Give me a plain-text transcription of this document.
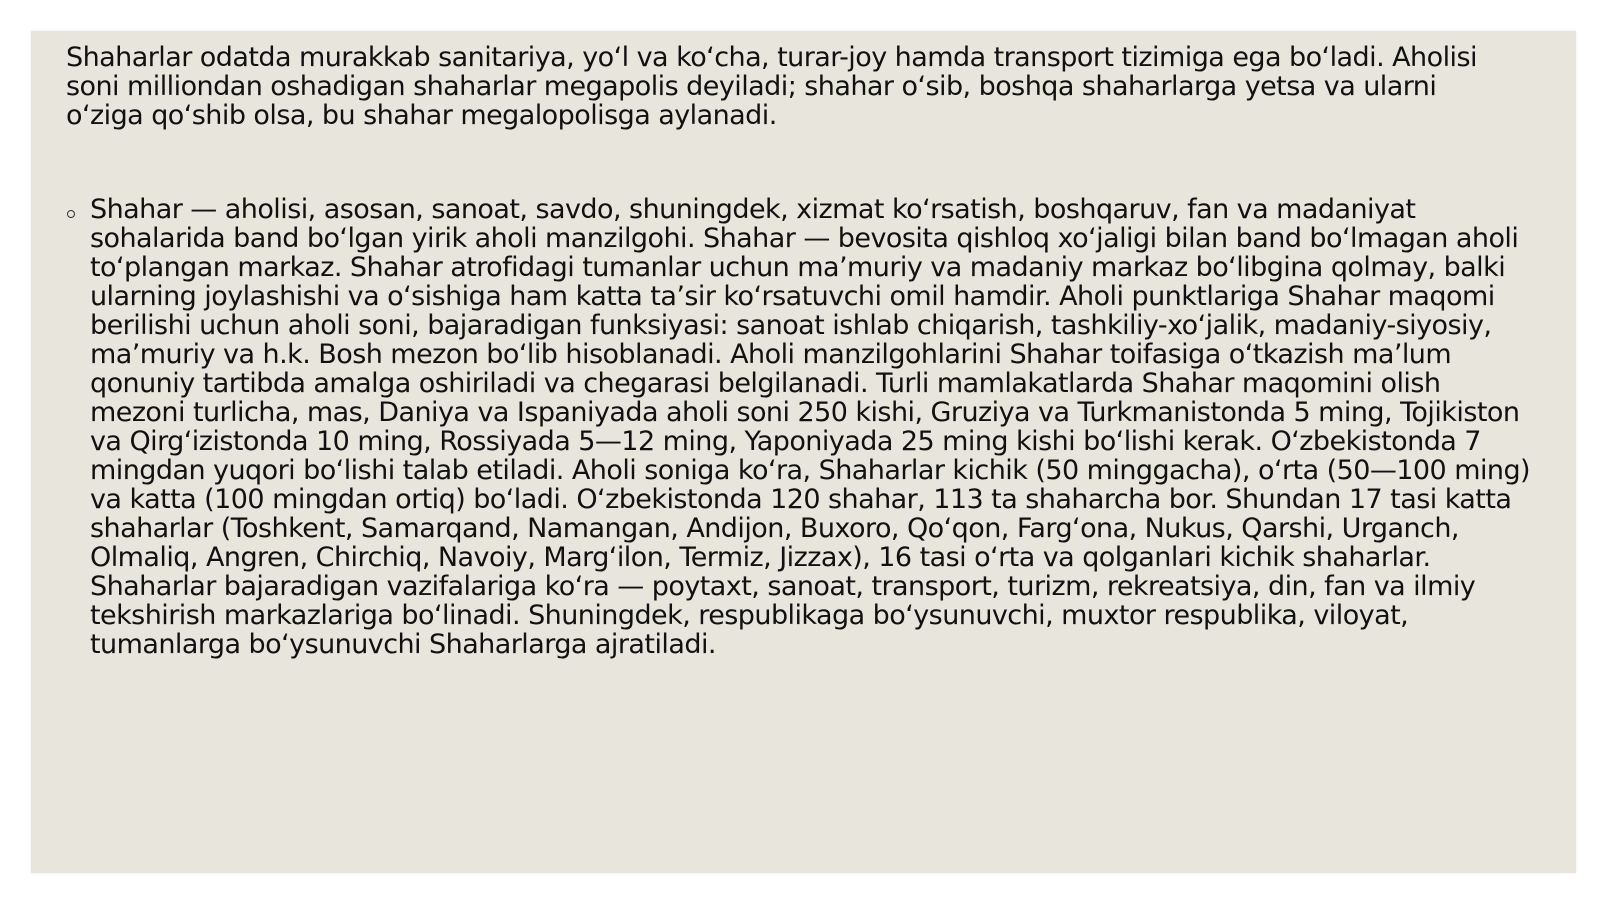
Shaharlar odatda murakkab sanitariya, yo‘l va ko‘cha, turar-joy hamda transport tizimiga ega bo‘ladi. Aholisi soni milliondan oshadigan shaharlar megapolis deyiladi; shahar o‘sib, boshqa shaharlarga yetsa va ularni o‘ziga qo‘shib olsa, bu shahar megalopolisga aylanadi.

Shahar — aholisi, asosan, sanoat, savdo, shuningdek, xizmat ko‘rsatish, boshqaruv, fan va madaniyat sohalarida band bo‘lgan yirik aholi manzilgohi. Shahar — bevosita qishloq xo‘jaligi bilan band bo‘lmagan aholi to‘plangan markaz. Shahar atrofidagi tumanlar uchun ma’muriy va madaniy markaz bo‘libgina qolmay, balki ularning joylashishi va o‘sishiga ham katta ta’sir ko‘rsatuvchi omil hamdir. Aholi punktlariga Shahar maqomi berilishi uchun aholi soni, bajaradigan funksiyasi: sanoat ishlab chiqarish, tashkiliy-xo‘jalik, madaniy-siyosiy, ma’muriy va h.k. Bosh mezon bo‘lib hisoblanadi. Aholi manzilgohlarini Shahar toifasiga o‘tkazish ma’lum qonuniy tartibda amalga oshiriladi va chegarasi belgilanadi. Turli mamlakatlarda Shahar maqomini olish mezoni turlicha, mas, Daniya va Ispaniyada aholi soni 250 kishi, Gruziya va Turkmanistonda 5 ming, Tojikiston va Qirg‘izistonda 10 ming, Rossiyada 5—12 ming, Yaponiyada 25 ming kishi bo‘lishi kerak. O‘zbekistonda 7 mingdan yuqori bo‘lishi talab etiladi. Aholi soniga ko‘ra, Shaharlar kichik (50 minggacha), o‘rta (50—100 ming) va katta (100 mingdan ortiq) bo‘ladi. O‘zbekistonda 120 shahar, 113 ta shaharcha bor. Shundan 17 tasi katta shaharlar (Toshkent, Samarqand, Namangan, Andijon, Buxoro, Qo‘qon, Farg‘ona, Nukus, Qarshi, Urganch, Olmaliq, Angren, Chirchiq, Navoiy, Marg‘ilon, Termiz, Jizzax), 16 tasi o‘rta va qolganlari kichik shaharlar. Shaharlar bajaradigan vazifalariga ko‘ra — poytaxt, sanoat, transport, turizm, rekreatsiya, din, fan va ilmiy tekshirish markazlariga bo‘linadi. Shuningdek, respublikaga bo‘ysunuvchi, muxtor respublika, viloyat, tumanlarga bo‘ysunuvchi Shaharlarga ajratiladi.
